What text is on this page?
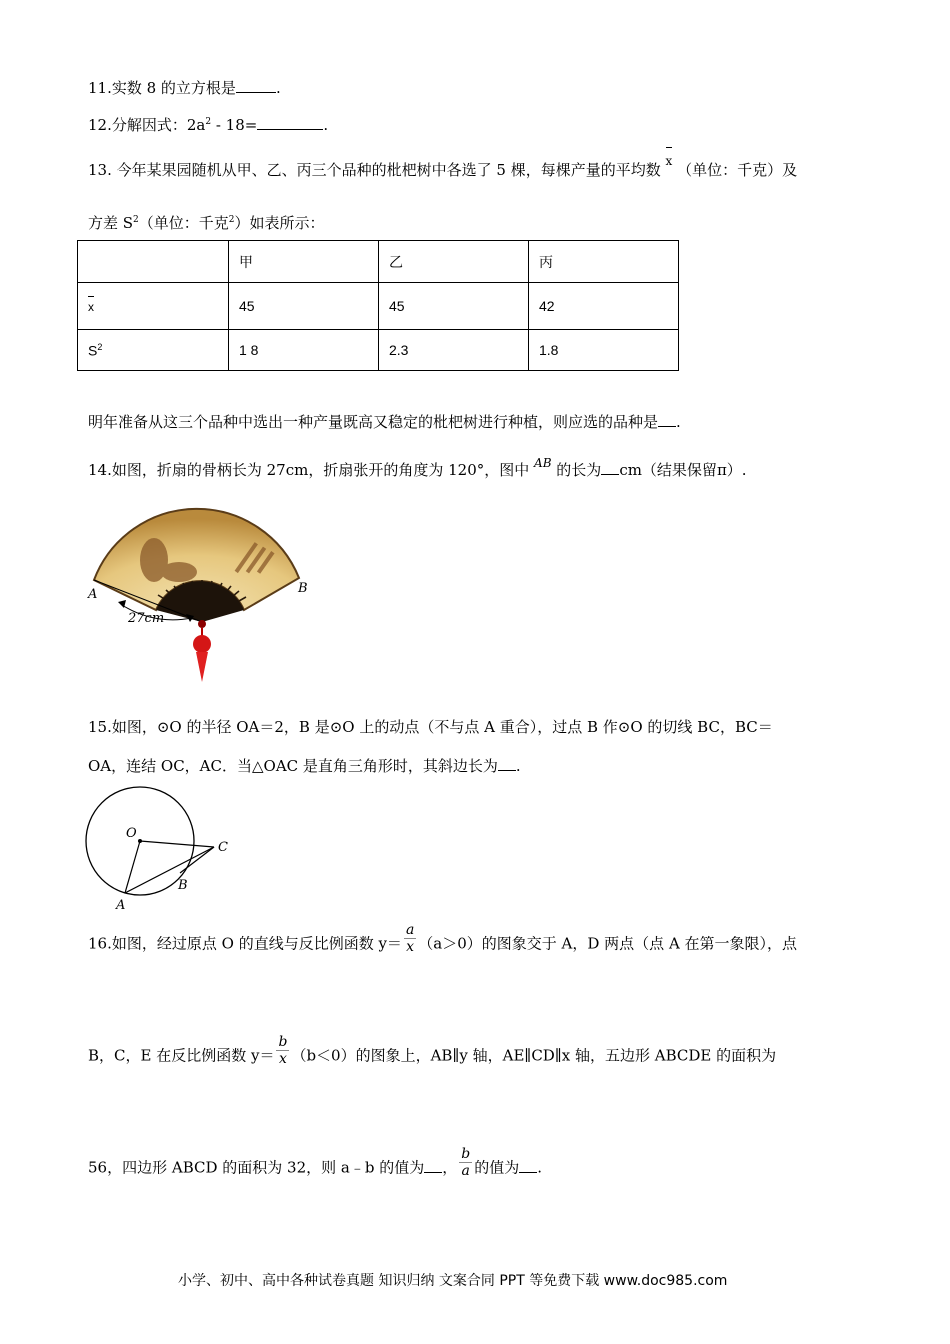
11.实数 8 的立方根是	.
12.分解因式：$2a^2 - 18=$	.
13. 今年某果园随机从甲、乙、丙三个品种的枇杷树中各选了 5 棵，每棵产量的平均数 x （单位：千克）及
方差 $S^2$（单位：千克$^2$）如表所示：
	甲	乙	丙
x	45	45	42
$S^2$	1 8	2.3	1.8
明年准备从这三个品种中选出一种产量既高又稳定的枇杷树进行种植，则应选的品种是 .
14.如图，折扇的骨柄长为 27cm，折扇张开的角度为 120°，图中 $^{AB}$ 的长为 cm（结果保留π）.
A	B
27cm
15.如图，⊙O 的半径 OA＝2，B 是⊙O 上的动点（不与点 A 重合），过点 B 作⊙O 的切线 BC，BC＝
OA，连结 OC，AC．当△OAC 是直角三角形时，其斜边长为 .
O
A
B
C
16.如图，经过原点 O 的直线与反比例函数 $y= \frac{a}{x} (a>0)$的图象交于 A，D 两点（点 A 在第一象限），点
B，C，E 在反比例函数 $y= \frac{b}{x} (b<0)$的图象上，AB∥y 轴，AE∥CD∥x 轴，五边形 ABCDE 的面积为
56，四边形 ABCD 的面积为 32，则 a﹣b 的值为 ， $\frac{b}{a}$ 的值为 .
小学、初中、高中各种试卷真题 知识归纳 文案合同 PPT 等免费下载 www.doc985.com
